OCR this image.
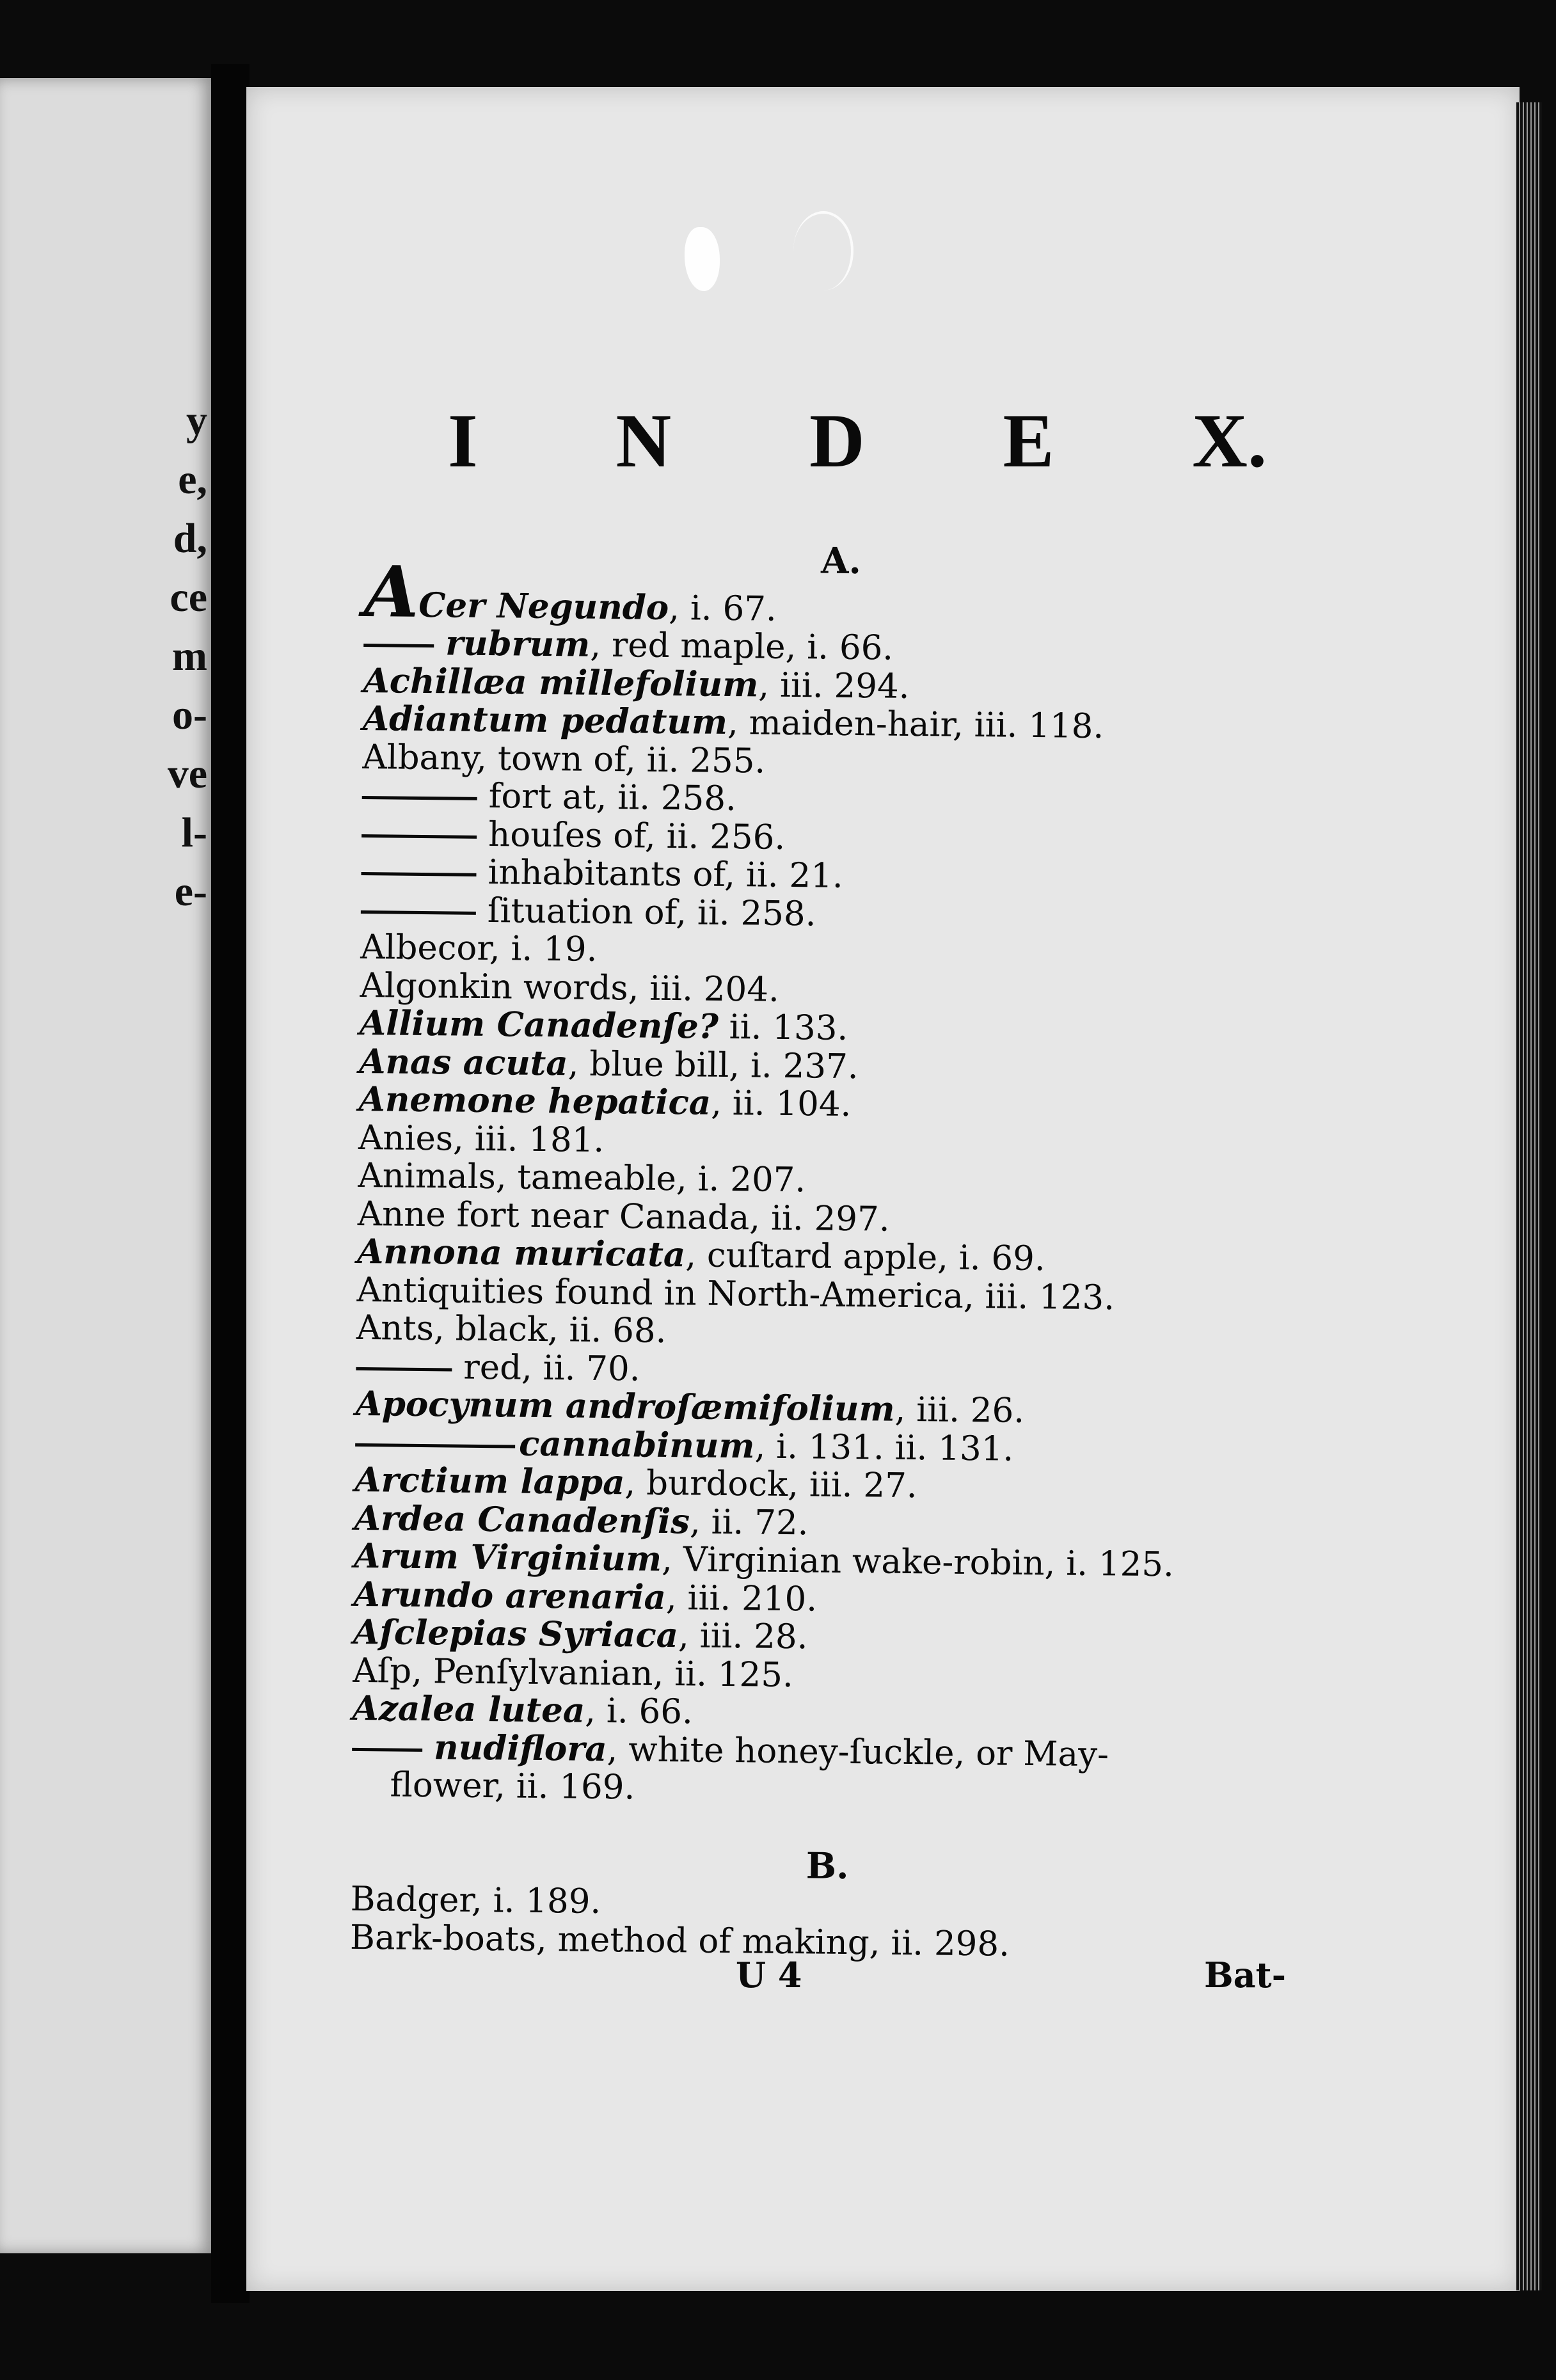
y
e,
d,
ce
m
o-
ve
l-
e-
I N D E X.
A.
ACer Negundo, i. 67.
rubrum, red maple, i. 66.
Achillæa millefolium, iii. 294.
Adiantum pedatum, maiden-hair, iii. 118.
Albany, town of, ii. 255.
fort at, ii. 258.
houſes of, ii. 256.
inhabitants of, ii. 21.
ſituation of, ii. 258.
Albecor, i. 19.
Algonkin words, iii. 204.
Allium Canadenſe? ii. 133.
Anas acuta, blue bill, i. 237.
Anemone hepatica, ii. 104.
Anies, iii. 181.
Animals, tameable, i. 207.
Anne fort near Canada, ii. 297.
Annona muricata, cuſtard apple, i. 69.
Antiquities found in North-America, iii. 123.
Ants, black, ii. 68.
red, ii. 70.
Apocynum androſæmifolium, iii. 26.
cannabinum, i. 131. ii. 131.
Arctium lappa, burdock, iii. 27.
Ardea Canadenſis, ii. 72.
Arum Virginium, Virginian wake-robin, i. 125.
Arundo arenaria, iii. 210.
Aſclepias Syriaca, iii. 28.
Aſp, Penſylvanian, ii. 125.
Azalea lutea, i. 66.
nudiflora, white honey-ſuckle, or May-flower, ii. 169.
B.
Badger, i. 189.
Bark-boats, method of making, ii. 298.
U 4	Bat-
